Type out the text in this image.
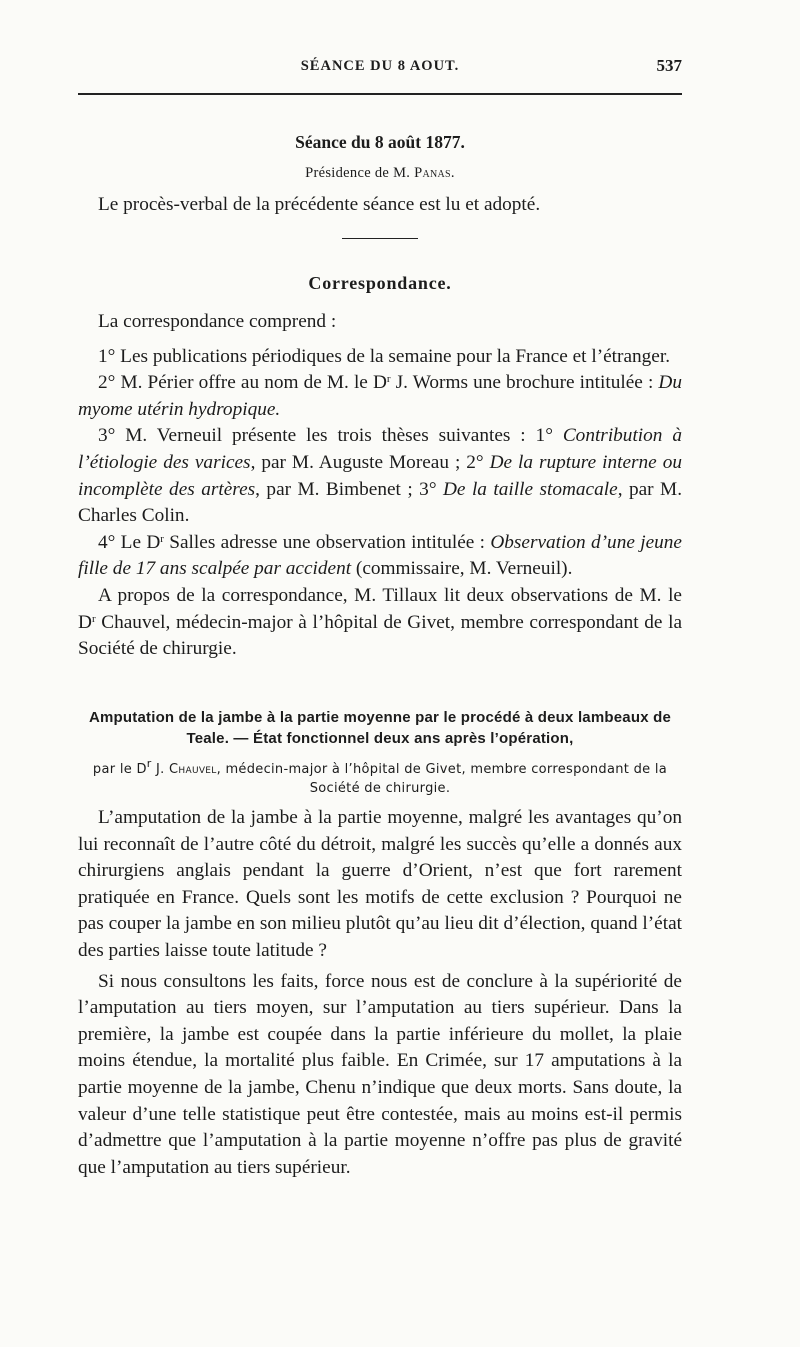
SÉANCE DU 8 AOUT.	537
Séance du 8 août 1877.
Présidence de M. Panas.

Le procès-verbal de la précédente séance est lu et adopté.

Correspondance.

La correspondance comprend :

1° Les publications périodiques de la semaine pour la France et l’étranger.

2° M. Périer offre au nom de M. le $D^r$ J. Worms une brochure intitulée : Du myome utérin hydropique.

3° M. Verneuil présente les trois thèses suivantes : 1° Contribution à l’étiologie des varices, par M. Auguste Moreau ; 2° De la rupture interne ou incomplète des artères, par M. Bimbenet ; 3° De la taille stomacale, par M. Charles Colin.

4° Le $D^r$ Salles adresse une observation intitulée : Observation d’une jeune fille de 17 ans scalpée par accident (commissaire, M. Verneuil).

A propos de la correspondance, M. Tillaux lit deux observations de M. le $D^r$ Chauvel, médecin-major à l’hôpital de Givet, membre correspondant de la Société de chirurgie.

Amputation de la jambe à la partie moyenne par le procédé à deux lambeaux de Teale. — État fonctionnel deux ans après l’opération,
par le $D^r$ J. Chauvel, médecin-major à l’hôpital de Givet, membre correspondant de la Société de chirurgie.

L’amputation de la jambe à la partie moyenne, malgré les avantages qu’on lui reconnaît de l’autre côté du détroit, malgré les succès qu’elle a donnés aux chirurgiens anglais pendant la guerre d’Orient, n’est que fort rarement pratiquée en France. Quels sont les motifs de cette exclusion ? Pourquoi ne pas couper la jambe en son milieu plutôt qu’au lieu dit d’élection, quand l’état des parties laisse toute latitude ?

Si nous consultons les faits, force nous est de conclure à la supériorité de l’amputation au tiers moyen, sur l’amputation au tiers supérieur. Dans la première, la jambe est coupée dans la partie inférieure du mollet, la plaie moins étendue, la mortalité plus faible. En Crimée, sur 17 amputations à la partie moyenne de la jambe, Chenu n’indique que deux morts. Sans doute, la valeur d’une telle statistique peut être contestée, mais au moins est-il permis d’admettre que l’amputation à la partie moyenne n’offre pas plus de gravité que l’amputation au tiers supérieur.
